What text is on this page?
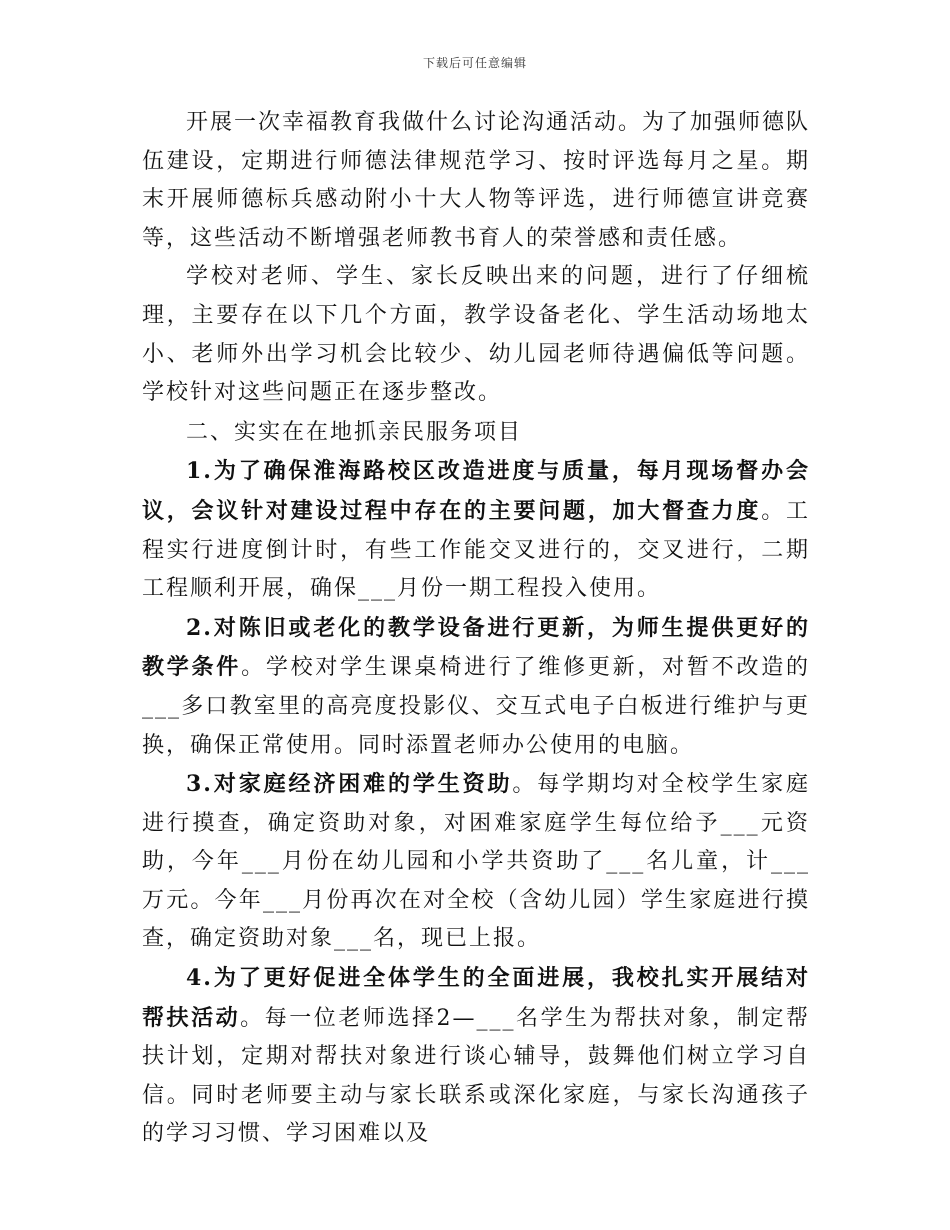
下载后可任意编辑

开展一次幸福教育我做什么讨论沟通活动。为了加强师德队伍建设，定期进行师德法律规范学习、按时评选每月之星。期末开展师德标兵感动附小十大人物等评选，进行师德宣讲竞赛等，这些活动不断增强老师教书育人的荣誉感和责任感。

学校对老师、学生、家长反映出来的问题，进行了仔细梳理，主要存在以下几个方面，教学设备老化、学生活动场地太小、老师外出学习机会比较少、幼儿园老师待遇偏低等问题。学校针对这些问题正在逐步整改。

二、实实在在地抓亲民服务项目

1.为了确保淮海路校区改造进度与质量，每月现场督办会议，会议针对建设过程中存在的主要问题，加大督查力度。工程实行进度倒计时，有些工作能交叉进行的，交叉进行，二期工程顺利开展，确保___月份一期工程投入使用。

2.对陈旧或老化的教学设备进行更新，为师生提供更好的教学条件。学校对学生课桌椅进行了维修更新，对暂不改造的___多口教室里的高亮度投影仪、交互式电子白板进行维护与更换，确保正常使用。同时添置老师办公使用的电脑。

3.对家庭经济困难的学生资助。每学期均对全校学生家庭进行摸查，确定资助对象，对困难家庭学生每位给予___元资助，今年___月份在幼儿园和小学共资助了___名儿童，计___万元。今年___月份再次在对全校（含幼儿园）学生家庭进行摸查，确定资助对象___名，现已上报。

4.为了更好促进全体学生的全面进展，我校扎实开展结对帮扶活动。每一位老师选择2—___名学生为帮扶对象，制定帮扶计划，定期对帮扶对象进行谈心辅导，鼓舞他们树立学习自信。同时老师要主动与家长联系或深化家庭，与家长沟通孩子的学习习惯、学习困难以及
